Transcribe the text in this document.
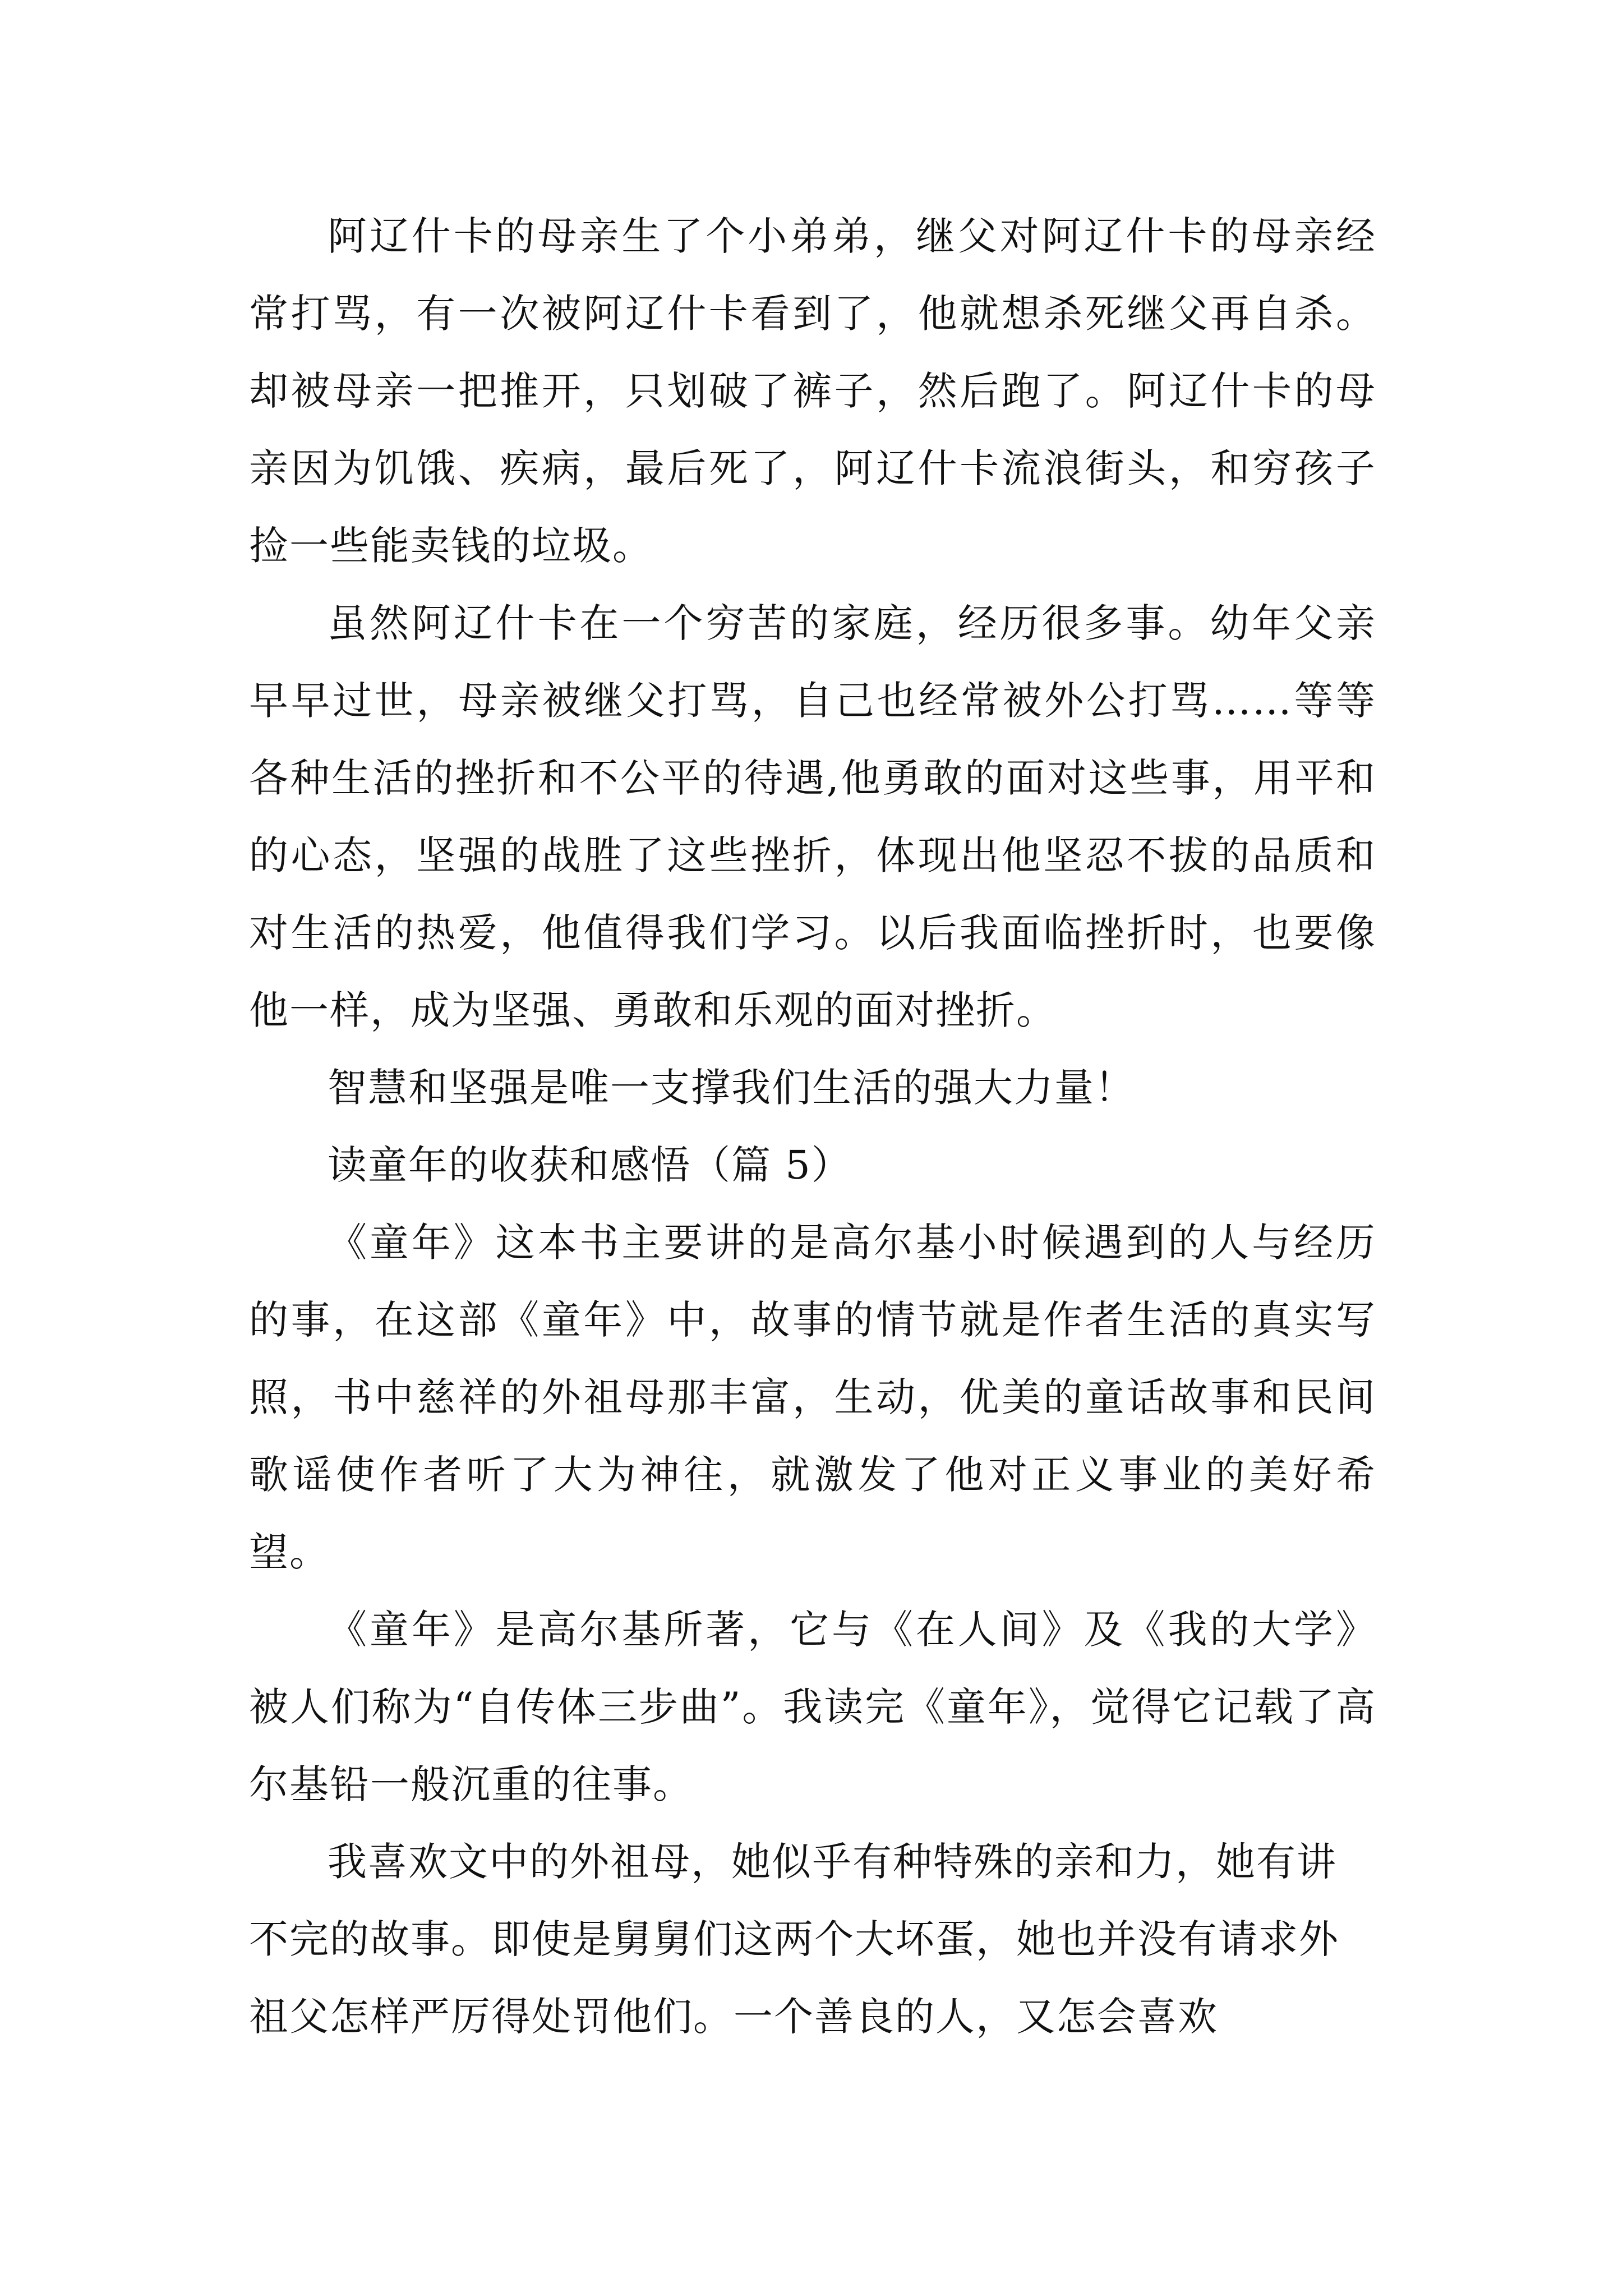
阿辽什卡的母亲生了个小弟弟，继父对阿辽什卡的母亲经常打骂，有一次被阿辽什卡看到了，他就想杀死继父再自杀。却被母亲一把推开，只划破了裤子，然后跑了。阿辽什卡的母亲因为饥饿、疾病，最后死了，阿辽什卡流浪街头，和穷孩子捡一些能卖钱的垃圾。

虽然阿辽什卡在一个穷苦的家庭，经历很多事。幼年父亲早早过世，母亲被继父打骂，自己也经常被外公打骂……等等各种生活的挫折和不公平的待遇,他勇敢的面对这些事，用平和的心态，坚强的战胜了这些挫折，体现出他坚忍不拔的品质和对生活的热爱，他值得我们学习。以后我面临挫折时，也要像他一样，成为坚强、勇敢和乐观的面对挫折。

智慧和坚强是唯一支撑我们生活的强大力量！

读童年的收获和感悟（篇 5）

《童年》这本书主要讲的是高尔基小时候遇到的人与经历的事，在这部《童年》中，故事的情节就是作者生活的真实写照，书中慈祥的外祖母那丰富，生动，优美的童话故事和民间歌谣使作者听了大为神往，就激发了他对正义事业的美好希望。

《童年》是高尔基所著，它与《在人间》及《我的大学》被人们称为“自传体三步曲”。我读完《童年》，觉得它记载了高尔基铅一般沉重的往事。

我喜欢文中的外祖母，她似乎有种特殊的亲和力，她有讲不完的故事。即使是舅舅们这两个大坏蛋，她也并没有请求外祖父怎样严厉得处罚他们。一个善良的人，又怎会喜欢
